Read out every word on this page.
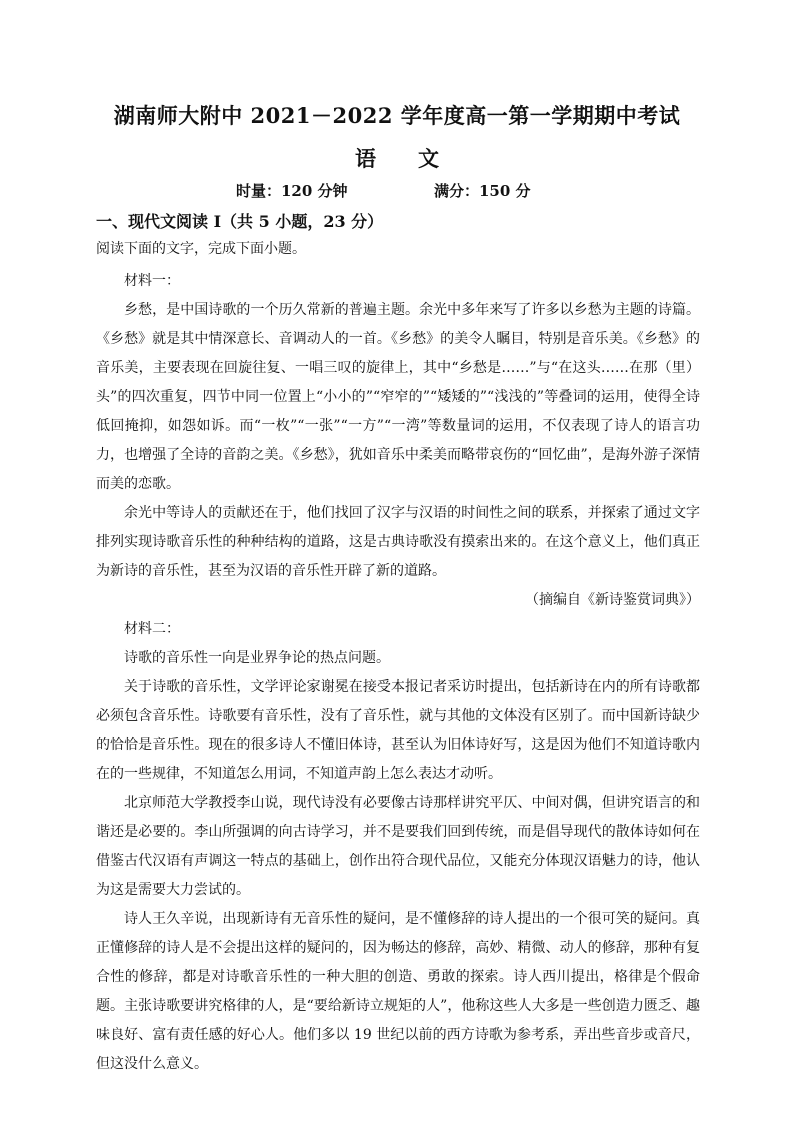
湖南师大附中 2021－2022 学年度高一第一学期期中考试
语　　文
时量：120 分钟	满分：150 分
一、现代文阅读 I（共 5 小题，23 分）
阅读下面的文字，完成下面小题。

材料一：

乡愁，是中国诗歌的一个历久常新的普遍主题。余光中多年来写了许多以乡愁为主题的诗篇。《乡愁》就是其中情深意长、音调动人的一首。《乡愁》的美令人瞩目，特别是音乐美。《乡愁》的音乐美，主要表现在回旋往复、一唱三叹的旋律上，其中“乡愁是……”与“在这头……在那（里）头”的四次重复，四节中同一位置上“小小的”“窄窄的”“矮矮的”“浅浅的”等叠词的运用，使得全诗低回掩抑，如怨如诉。而“一枚”“一张”“一方”“一湾”等数量词的运用，不仅表现了诗人的语言功力，也增强了全诗的音韵之美。《乡愁》，犹如音乐中柔美而略带哀伤的“回忆曲”，是海外游子深情而美的恋歌。

余光中等诗人的贡献还在于，他们找回了汉字与汉语的时间性之间的联系，并探索了通过文字排列实现诗歌音乐性的种种结构的道路，这是古典诗歌没有摸索出来的。在这个意义上，他们真正为新诗的音乐性，甚至为汉语的音乐性开辟了新的道路。

（摘编自《新诗鉴赏词典》）

材料二：

诗歌的音乐性一向是业界争论的热点问题。

关于诗歌的音乐性，文学评论家谢冕在接受本报记者采访时提出，包括新诗在内的所有诗歌都必须包含音乐性。诗歌要有音乐性，没有了音乐性，就与其他的文体没有区别了。而中国新诗缺少的恰恰是音乐性。现在的很多诗人不懂旧体诗，甚至认为旧体诗好写，这是因为他们不知道诗歌内在的一些规律，不知道怎么用词，不知道声韵上怎么表达才动听。

北京师范大学教授李山说，现代诗没有必要像古诗那样讲究平仄、中间对偶，但讲究语言的和谐还是必要的。李山所强调的向古诗学习，并不是要我们回到传统，而是倡导现代的散体诗如何在借鉴古代汉语有声调这一特点的基础上，创作出符合现代品位，又能充分体现汉语魅力的诗，他认为这是需要大力尝试的。

诗人王久辛说，出现新诗有无音乐性的疑问，是不懂修辞的诗人提出的一个很可笑的疑问。真正懂修辞的诗人是不会提出这样的疑问的，因为畅达的修辞，高妙、精微、动人的修辞，那种有复合性的修辞，都是对诗歌音乐性的一种大胆的创造、勇敢的探索。诗人西川提出，格律是个假命题。主张诗歌要讲究格律的人，是“要给新诗立规矩的人”，他称这些人大多是一些创造力匮乏、趣味良好、富有责任感的好心人。他们多以 19 世纪以前的西方诗歌为参考系，弄出些音步或音尺，但这没什么意义。
